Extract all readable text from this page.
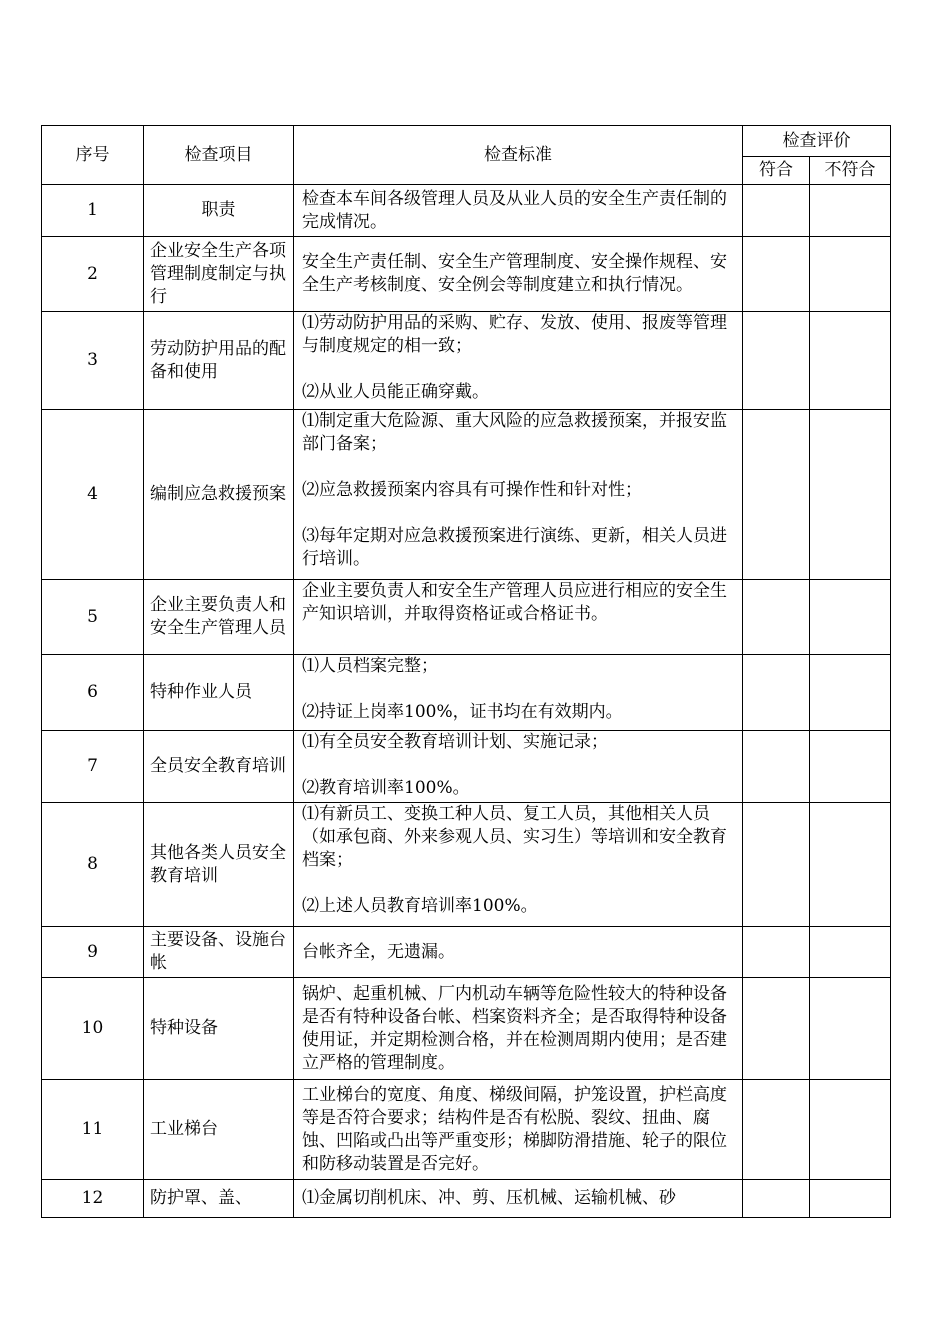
序号	检查项目	检查标准	检查评价	
			符合	不符合
1	职责	检查本车间各级管理人员及从业人员的安全生产责任制的完成情况。		

2	企业安全生产各项管理制度制定与执行	安全生产责任制、安全生产管理制度、安全操作规程、安全生产考核制度、安全例会等制度建立和执行情况。		

3	劳动防护用品的配备和使用	⑴劳动防护用品的采购、贮存、发放、使用、报废等管理与制度规定的相一致；
⑵从业人员能正确穿戴。		

4	编制应急救援预案	⑴制定重大危险源、重大风险的应急救援预案，并报安监部门备案；
⑵应急救援预案内容具有可操作性和针对性；
⑶每年定期对应急救援预案进行演练、更新，相关人员进行培训。		

5	企业主要负责人和安全生产管理人员	企业主要负责人和安全生产管理人员应进行相应的安全生产知识培训，并取得资格证或合格证书。		

6	特种作业人员	⑴人员档案完整；
⑵持证上岗率100%，证书均在有效期内。		

7	全员安全教育培训	⑴有全员安全教育培训计划、实施记录；
⑵教育培训率100%。		

8	其他各类人员安全教育培训	⑴有新员工、变换工种人员、复工人员，其他相关人员（如承包商、外来参观人员、实习生）等培训和安全教育档案；
⑵上述人员教育培训率100%。		

9	主要设备、设施台帐	台帐齐全，无遗漏。		

10	特种设备	锅炉、起重机械、厂内机动车辆等危险性较大的特种设备是否有特种设备台帐、档案资料齐全；是否取得特种设备使用证，并定期检测合格，并在检测周期内使用；是否建立严格的管理制度。		

11	工业梯台	工业梯台的宽度、角度、梯级间隔，护笼设置，护栏高度等是否符合要求；结构件是否有松脱、裂纹、扭曲、腐蚀、凹陷或凸出等严重变形；梯脚防滑措施、轮子的限位和防移动装置是否完好。		

12	防护罩、盖、	⑴金属切削机床、冲、剪、压机械、运输机械、砂		
